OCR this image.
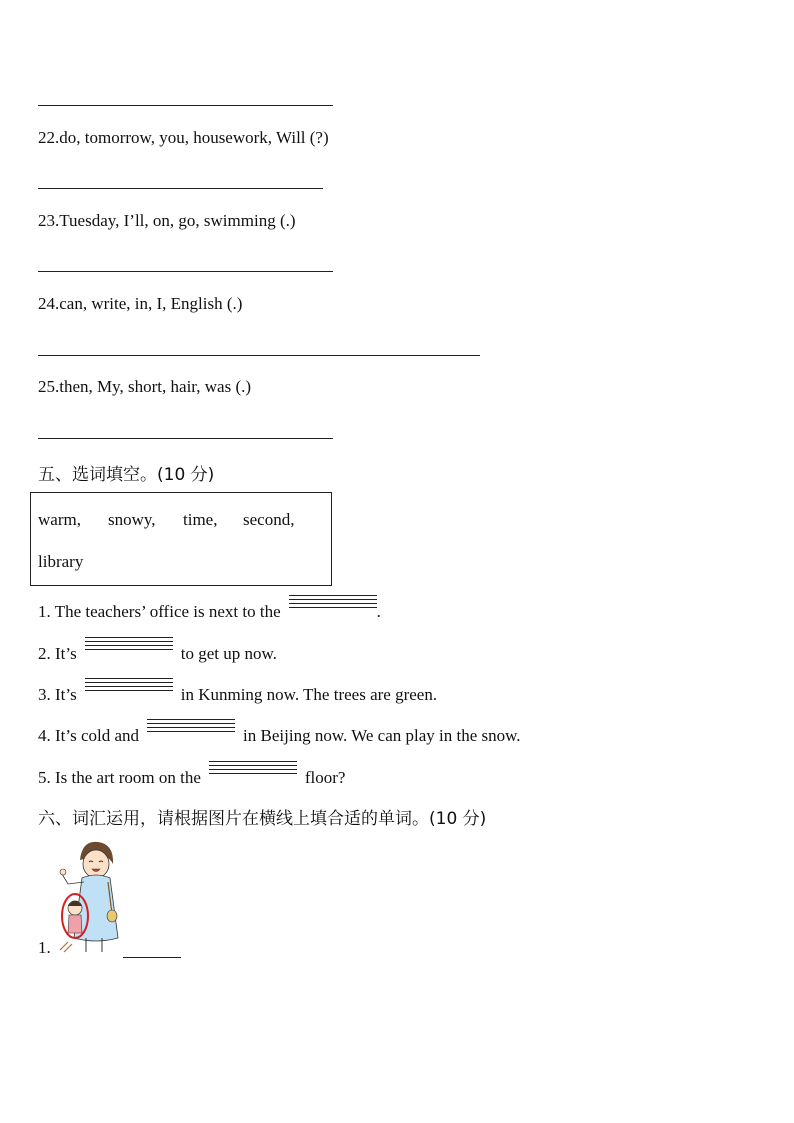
22.do, tomorrow, you, housework, Will (?)
23.Tuesday, I’ll, on, go, swimming (.)
24.can, write, in, I, English (.)
25.then, My, short, hair, was (.)
五、选词填空。(10 分)
warm, snowy, time, second,
library
1. The teachers’ office is next to the	.
2. It’s	to get up now.
3. It’s	in Kunming now. The trees are green.
4. It’s cold and	in Beijing now. We can play in the snow.
5. Is the art room on the	floor?
六、词汇运用，请根据图片在横线上填合适的单词。(10 分)
1.
